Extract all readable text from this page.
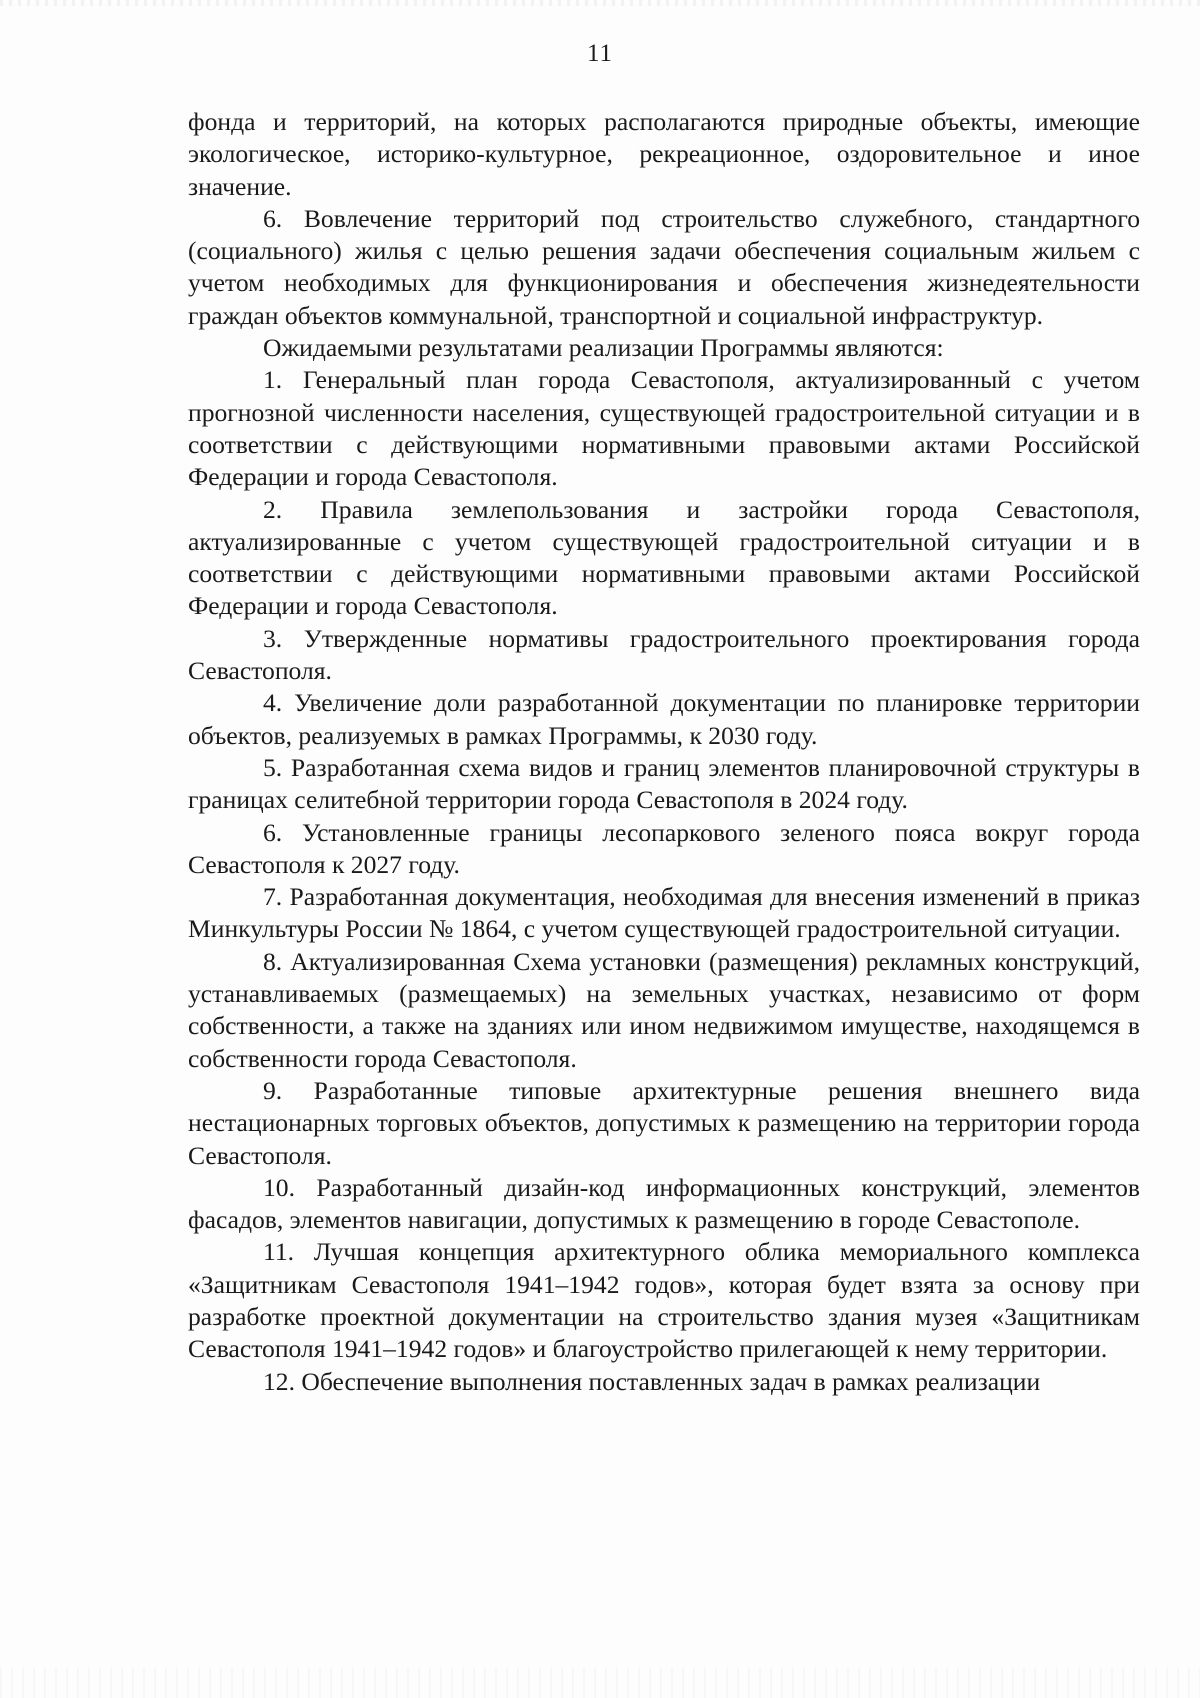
11

фонда и территорий, на которых располагаются природные объекты, имеющие экологическое, историко-культурное, рекреационное, оздоровительное и иное значение.

6. Вовлечение территорий под строительство служебного, стандартного (социального) жилья с целью решения задачи обеспечения социальным жильем с учетом необходимых для функционирования и обеспечения жизнедеятельности граждан объектов коммунальной, транспортной и социальной инфраструктур.

Ожидаемыми результатами реализации Программы являются:

1. Генеральный план города Севастополя, актуализированный с учетом прогнозной численности населения, существующей градостроительной ситуации и в соответствии с действующими нормативными правовыми актами Российской Федерации и города Севастополя.

2. Правила землепользования и застройки города Севастополя, актуализированные с учетом существующей градостроительной ситуации и в соответствии с действующими нормативными правовыми актами Российской Федерации и города Севастополя.

3. Утвержденные нормативы градостроительного проектирования города Севастополя.

4. Увеличение доли разработанной документации по планировке территории объектов, реализуемых в рамках Программы, к 2030 году.

5. Разработанная схема видов и границ элементов планировочной структуры в границах селитебной территории города Севастополя в 2024 году.

6. Установленные границы лесопаркового зеленого пояса вокруг города Севастополя к 2027 году.

7. Разработанная документация, необходимая для внесения изменений в приказ Минкультуры России № 1864, с учетом существующей градостроительной ситуации.

8. Актуализированная Схема установки (размещения) рекламных конструкций, устанавливаемых (размещаемых) на земельных участках, независимо от форм собственности, а также на зданиях или ином недвижимом имуществе, находящемся в собственности города Севастополя.

9. Разработанные типовые архитектурные решения внешнего вида нестационарных торговых объектов, допустимых к размещению на территории города Севастополя.

10. Разработанный дизайн-код информационных конструкций, элементов фасадов, элементов навигации, допустимых к размещению в городе Севастополе.

11. Лучшая концепция архитектурного облика мемориального комплекса «Защитникам Севастополя 1941–1942 годов», которая будет взята за основу при разработке проектной документации на строительство здания музея «Защитникам Севастополя 1941–1942 годов» и благоустройство прилегающей к нему территории.

12. Обеспечение выполнения поставленных задач в рамках реализации
